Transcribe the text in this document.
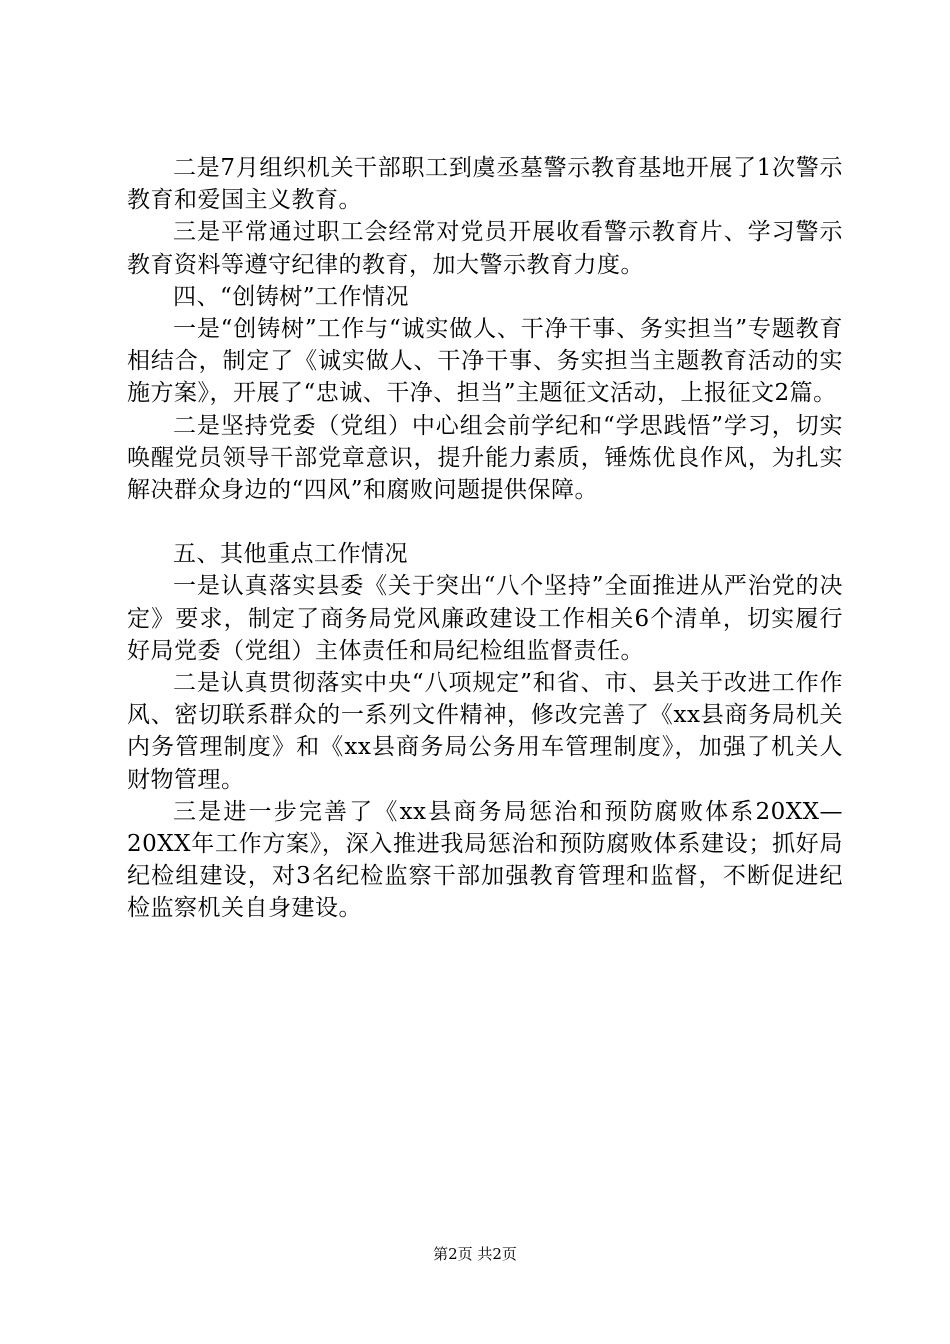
二是7月组织机关干部职工到虞丞墓警示教育基地开展了1次警示教育和爱国主义教育。

三是平常通过职工会经常对党员开展收看警示教育片、学习警示教育资料等遵守纪律的教育，加大警示教育力度。

四、“创铸树”工作情况

一是“创铸树”工作与“诚实做人、干净干事、务实担当”专题教育相结合，制定了《诚实做人、干净干事、务实担当主题教育活动的实施方案》，开展了“忠诚、干净、担当”主题征文活动，上报征文2篇。

二是坚持党委（党组）中心组会前学纪和“学思践悟”学习，切实唤醒党员领导干部党章意识，提升能力素质，锤炼优良作风，为扎实解决群众身边的“四风”和腐败问题提供保障。

五、其他重点工作情况

一是认真落实县委《关于突出“八个坚持”全面推进从严治党的决定》要求，制定了商务局党风廉政建设工作相关6个清单，切实履行好局党委（党组）主体责任和局纪检组监督责任。

二是认真贯彻落实中央“八项规定”和省、市、县关于改进工作作风、密切联系群众的一系列文件精神，修改完善了《xx县商务局机关内务管理制度》和《xx县商务局公务用车管理制度》，加强了机关人财物管理。

三是进一步完善了《xx县商务局惩治和预防腐败体系20XX—20XX年工作方案》，深入推进我局惩治和预防腐败体系建设；抓好局纪检组建设，对3名纪检监察干部加强教育管理和监督，不断促进纪检监察机关自身建设。

第2页 共2页
